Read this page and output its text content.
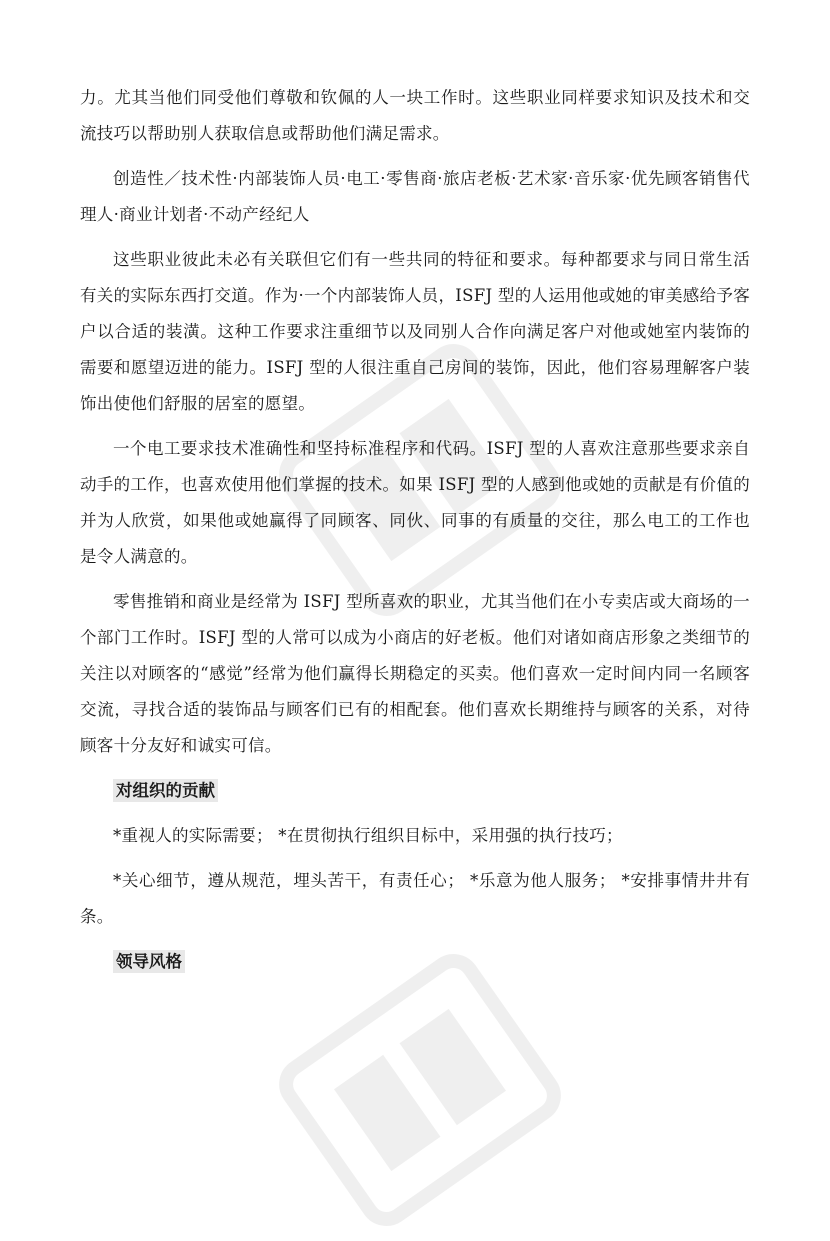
力。尤其当他们同受他们尊敬和钦佩的人一块工作时。这些职业同样要求知识及技术和交流技巧以帮助别人获取信息或帮助他们满足需求。

创造性／技术性·内部装饰人员·电工·零售商·旅店老板·艺术家·音乐家·优先顾客销售代理人·商业计划者·不动产经纪人

这些职业彼此未必有关联但它们有一些共同的特征和要求。每种都要求与同日常生活有关的实际东西打交道。作为·一个内部装饰人员，ISFJ 型的人运用他或她的审美感给予客户以合适的装潢。这种工作要求注重细节以及同别人合作向满足客户对他或她室内装饰的需要和愿望迈进的能力。ISFJ 型的人很注重自己房间的装饰，因此，他们容易理解客户装饰出使他们舒服的居室的愿望。

一个电工要求技术准确性和坚持标准程序和代码。ISFJ 型的人喜欢注意那些要求亲自动手的工作，也喜欢使用他们掌握的技术。如果 ISFJ 型的人感到他或她的贡献是有价值的并为人欣赏，如果他或她赢得了同顾客、同伙、同事的有质量的交往，那么电工的工作也是令人满意的。

零售推销和商业是经常为 ISFJ 型所喜欢的职业，尤其当他们在小专卖店或大商场的一个部门工作时。ISFJ 型的人常可以成为小商店的好老板。他们对诸如商店形象之类细节的关注以对顾客的“感觉”经常为他们赢得长期稳定的买卖。他们喜欢一定时间内同一名顾客交流，寻找合适的装饰品与顾客们已有的相配套。他们喜欢长期维持与顾客的关系，对待顾客十分友好和诚实可信。

对组织的贡献

*重视人的实际需要； *在贯彻执行组织目标中，采用强的执行技巧；

*关心细节，遵从规范，埋头苦干，有责任心； *乐意为他人服务； *安排事情井井有条。

领导风格
